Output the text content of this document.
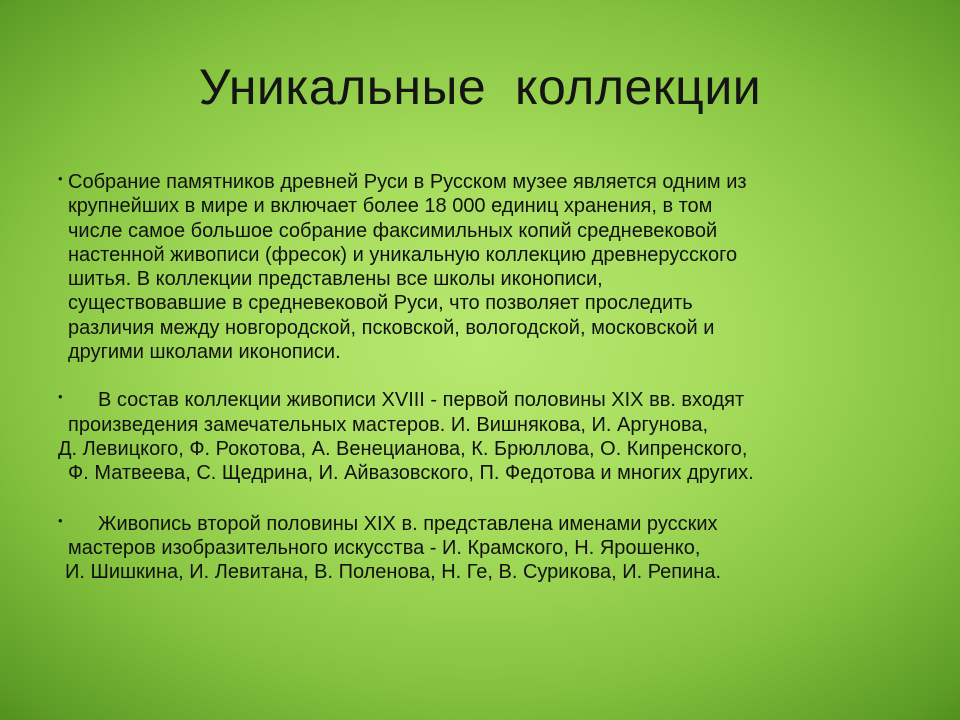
Уникальные  коллекции
• Собрание памятников древней Руси в Русском музее является одним из
крупнейших в мире и включает более 18 000 единиц хранения, в том
числе самое большое собрание факсимильных копий средневековой
настенной живописи (фресок) и уникальную коллекцию древнерусского
шитья. В коллекции представлены все школы иконописи,
существовавшие в средневековой Руси, что позволяет проследить
различия между новгородской, псковской, вологодской, московской и
другими школами иконописи.
•	В состав коллекции живописи XVIII - первой половины XIX вв. входят
произведения замечательных мастеров. И. Вишнякова, И. Аргунова,
Д. Левицкого, Ф. Рокотова, А. Венецианова, К. Брюллова, О. Кипренского,
Ф. Матвеева, С. Щедрина, И. Айвазовского, П. Федотова и многих других.
•	Живопись второй половины XIX в. представлена именами русских
мастеров изобразительного искусства - И. Крамского, Н. Ярошенко,
И. Шишкина, И. Левитана, В. Поленова, Н. Ге, В. Сурикова, И. Репина.
